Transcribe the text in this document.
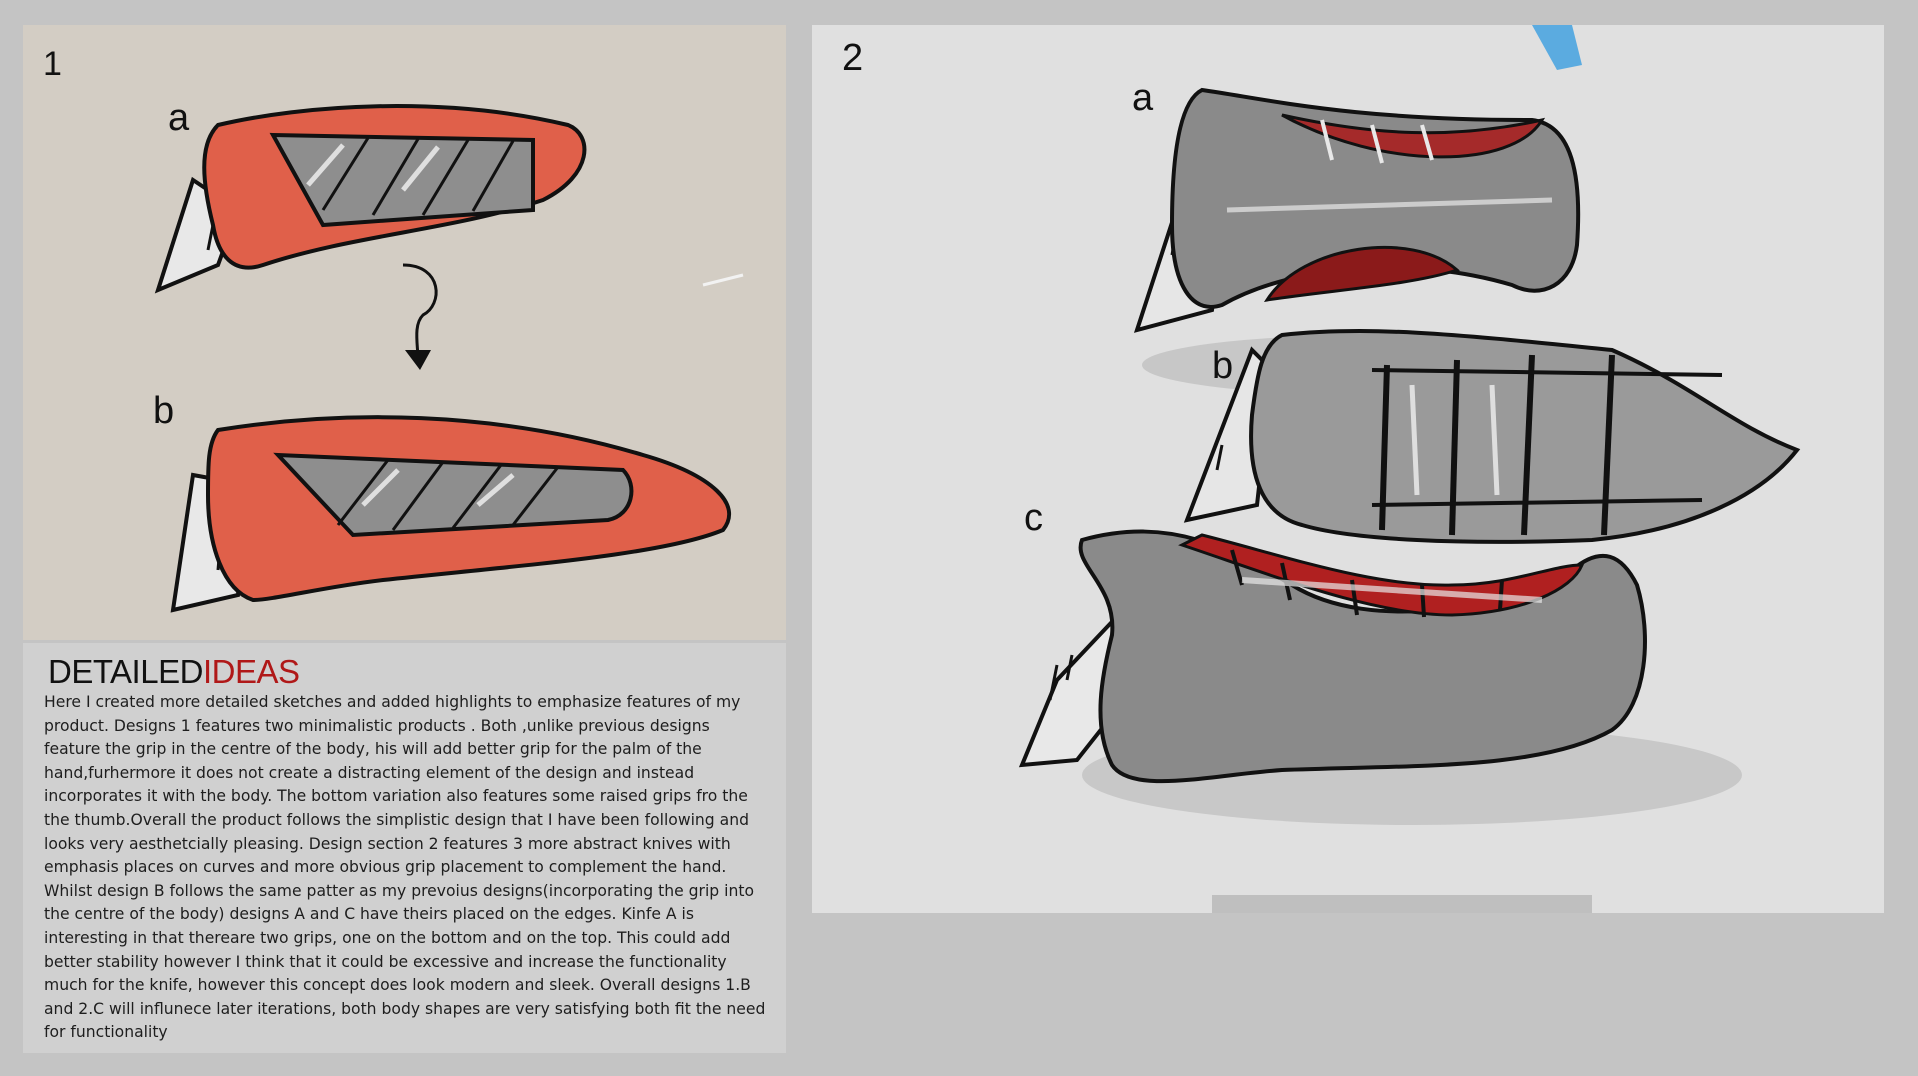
1
a
b
2
a
b
c
DETAILEDIDEAS

Here I created more detailed sketches and added highlights to emphasize features of my product. Designs 1 features two minimalistic products . Both ,unlike previous designs feature the grip in the centre of the body, his will add better grip for the palm of the hand,furhermore it does not create a distracting element of the design and instead incorporates it with the body. The bottom variation also features some raised grips fro the the thumb.Overall the product follows the simplistic design that I have been following and looks very aesthetcially pleasing. Design section 2 features 3 more abstract knives with emphasis places on curves and more obvious grip placement to complement the hand. Whilst design B follows the same patter as my prevoius designs(incorporating the grip into the centre of the body) designs A and C have theirs placed on the edges. Kinfe A is interesting in that thereare two grips, one on the bottom and on the top. This could add better stability however I think that it could be excessive and increase the functionality much for the knife, however this concept does look modern and sleek. Overall designs 1.B and 2.C will influnece later iterations, both body shapes are very satisfying both fit the need for functionality
